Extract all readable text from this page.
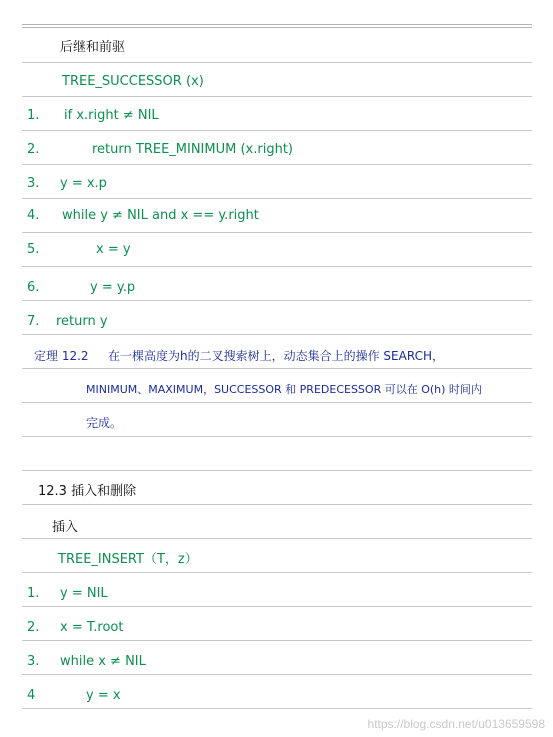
后继和前驱
TREE_SUCCESSOR (x)
1. if x.right ≠ NIL
2.	return TREE_MINIMUM (x.right)
3. y = x.p
4. while y ≠ NIL and x == y.right
5.	x = y
6.	y = y.p
7. return y
定理 12.2 在一棵高度为h的二叉搜索树上，动态集合上的操作 SEARCH，
MINIMUM、MAXIMUM，SUCCESSOR 和 PREDECESSOR 可以在 O(h) 时间内
完成。
12.3 插入和删除
插入
TREE_INSERT（T，z）
1. y = NIL
2. x = T.root
3. while x ≠ NIL
4	y = x
https://blog.csdn.net/u013659598
